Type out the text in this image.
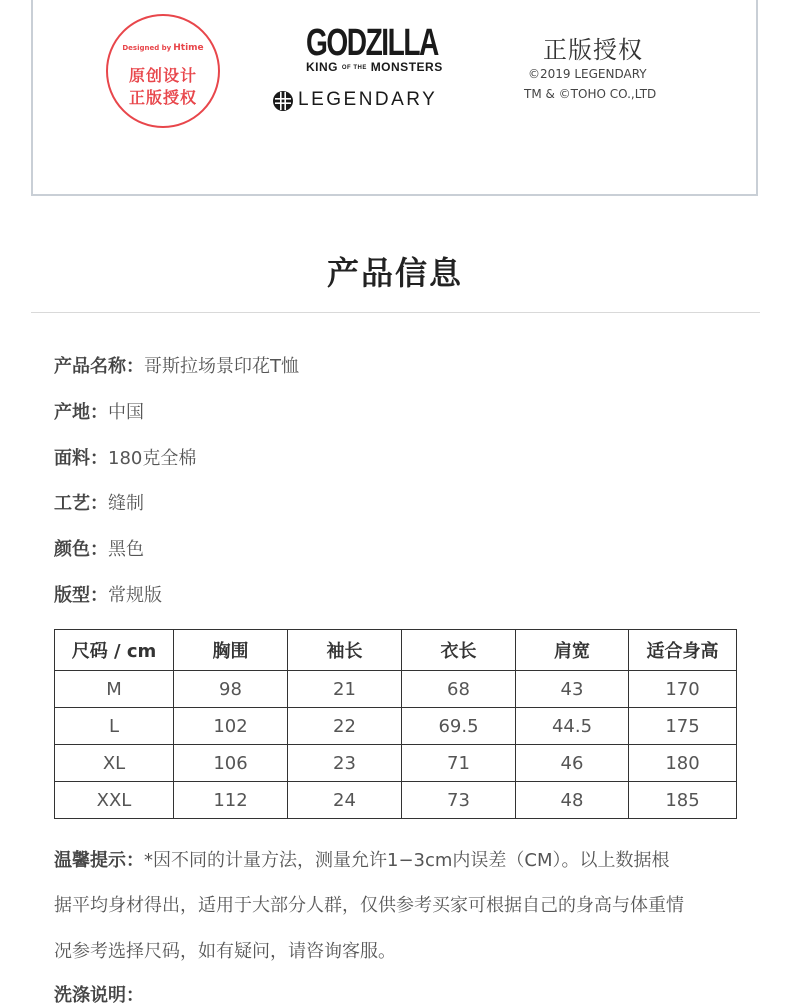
Designed by Htime
原创设计
正版授权
GODZILLA
KING OF THE MONSTERS
LEGENDARY
正版授权
©2019 LEGENDARY
TM & ©TOHO CO.,LTD
产品信息
产品名称：哥斯拉场景印花T恤
产地：中国
面料：180克全棉
工艺：缝制
颜色：黑色
版型：常规版
尺码 / cm	胸围	袖长	衣长	肩宽	适合身高
M	98	21	68	43	170
L	102	22	69.5	44.5	175
XL	106	23	71	46	180
XXL	112	24	73	48	185
温馨提示：*因不同的计量方法，测量允许1−3cm内误差（CM）。以上数据根
据平均身材得出，适用于大部分人群，仅供参考买家可根据自己的身高与体重情
况参考选择尺码，如有疑问，请咨询客服。
洗涤说明：
